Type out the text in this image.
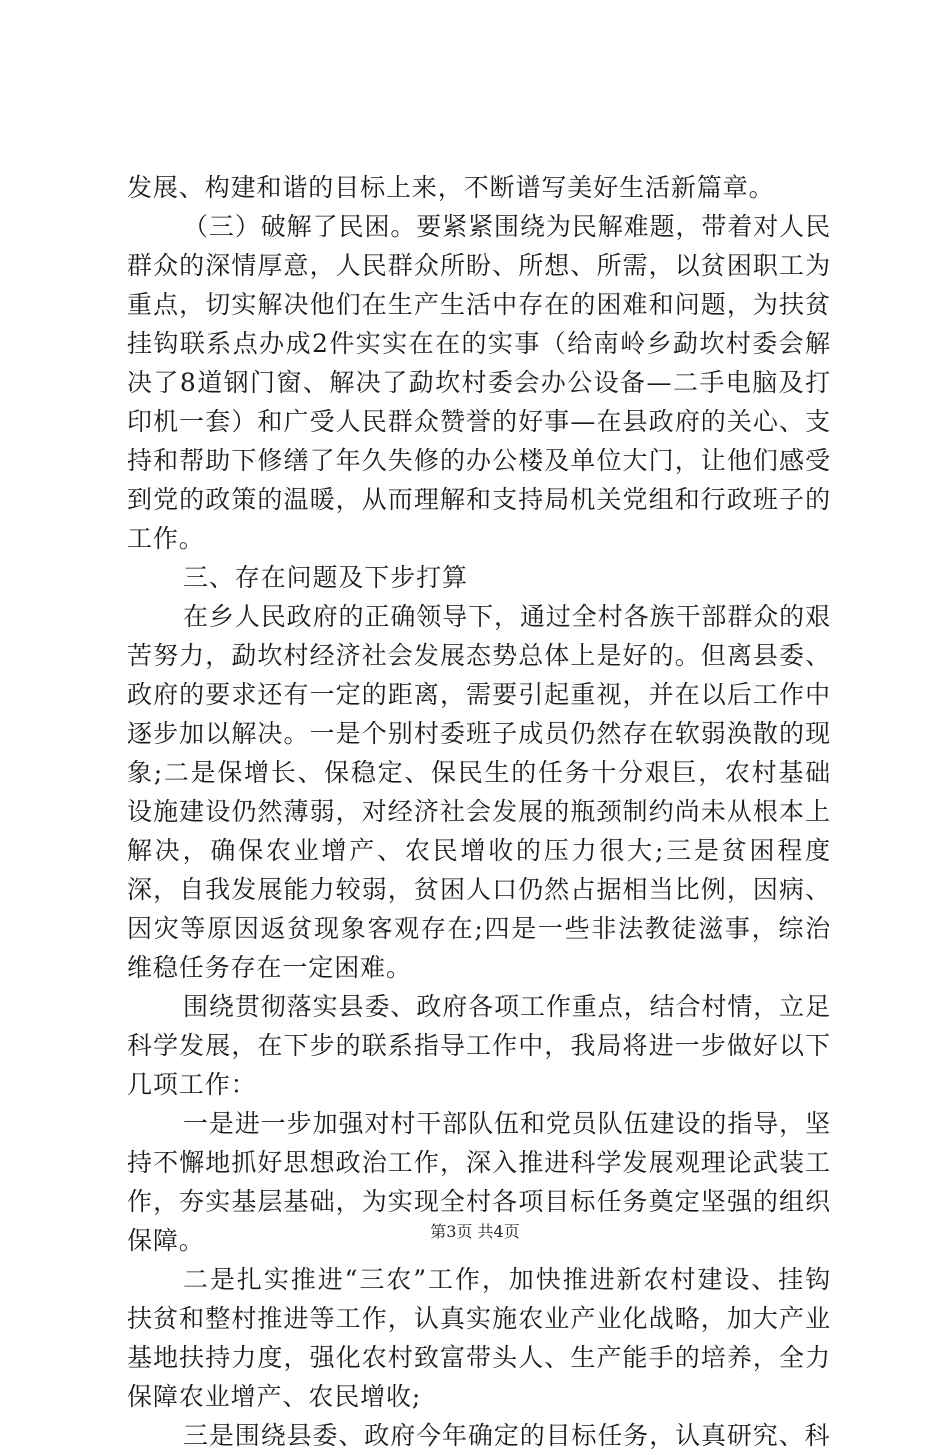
发展、构建和谐的目标上来，不断谱写美好生活新篇章。

（三）破解了民困。要紧紧围绕为民解难题，带着对人民群众的深情厚意，人民群众所盼、所想、所需，以贫困职工为重点，切实解决他们在生产生活中存在的困难和问题，为扶贫挂钩联系点办成2件实实在在的实事（给南岭乡勐坎村委会解决了8道钢门窗、解决了勐坎村委会办公设备—二手电脑及打印机一套）和广受人民群众赞誉的好事—在县政府的关心、支持和帮助下修缮了年久失修的办公楼及单位大门，让他们感受到党的政策的温暖，从而理解和支持局机关党组和行政班子的工作。

三、存在问题及下步打算

在乡人民政府的正确领导下，通过全村各族干部群众的艰苦努力，勐坎村经济社会发展态势总体上是好的。但离县委、政府的要求还有一定的距离，需要引起重视，并在以后工作中逐步加以解决。一是个别村委班子成员仍然存在软弱涣散的现象;二是保增长、保稳定、保民生的任务十分艰巨，农村基础设施建设仍然薄弱，对经济社会发展的瓶颈制约尚未从根本上解决，确保农业增产、农民增收的压力很大;三是贫困程度深，自我发展能力较弱，贫困人口仍然占据相当比例，因病、因灾等原因返贫现象客观存在;四是一些非法教徒滋事，综治维稳任务存在一定困难。

围绕贯彻落实县委、政府各项工作重点，结合村情，立足科学发展，在下步的联系指导工作中，我局将进一步做好以下几项工作：

一是进一步加强对村干部队伍和党员队伍建设的指导，坚持不懈地抓好思想政治工作，深入推进科学发展观理论武装工作，夯实基层基础，为实现全村各项目标任务奠定坚强的组织保障。

二是扎实推进“三农”工作，加快推进新农村建设、挂钩扶贫和整村推进等工作，认真实施农业产业化战略，加大产业基地扶持力度，强化农村致富带头人、生产能手的培养，全力保障农业增产、农民增收;

三是围绕县委、政府今年确定的目标任务，认真研究、科

第3页 共4页
